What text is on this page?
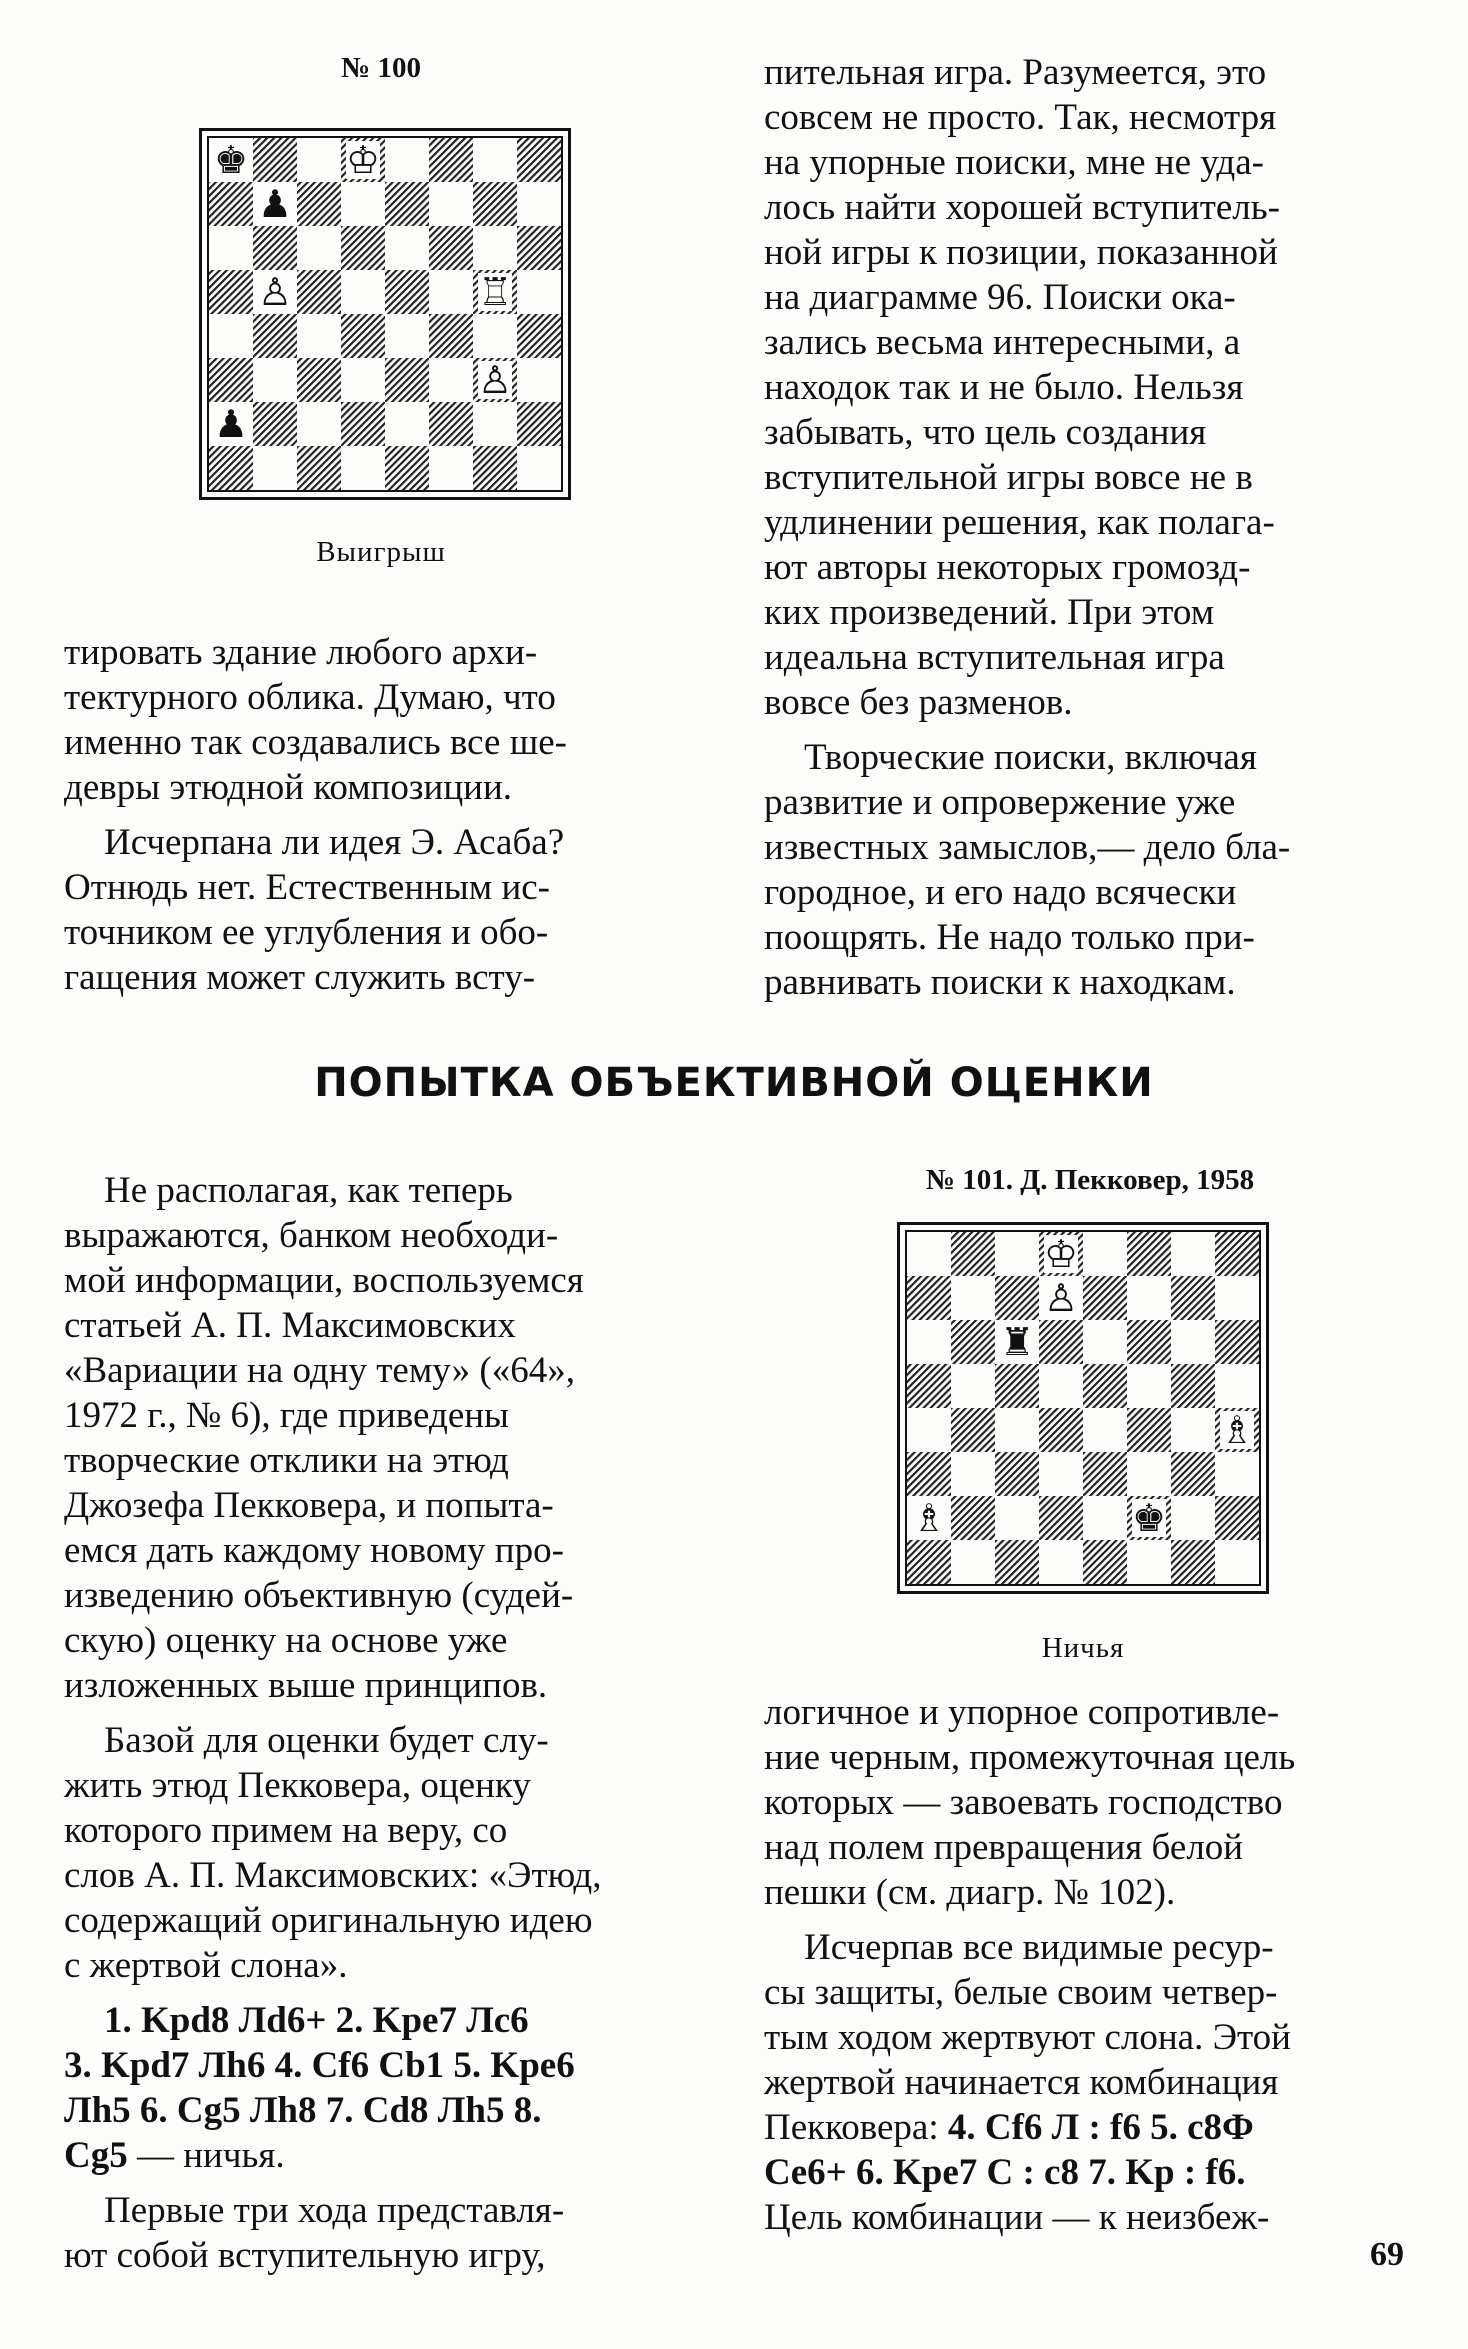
№ 100
♚	♔
♟
♙	♖
♙
♟
Выигрыш

тировать здание любого архи-
тектурного облика. Думаю, что
именно так создавались все ше-
девры этюдной композиции.

Исчерпана ли идея Э. Асаба?
Отнюдь нет. Естественным ис-
точником ее углубления и обо-
гащения может служить всту-

пительная игра. Разумеется, это
совсем не просто. Так, несмотря
на упорные поиски, мне не уда-
лось найти хорошей вступитель-
ной игры к позиции, показанной
на диаграмме 96. Поиски ока-
зались весьма интересными, а
находок так и не было. Нельзя
забывать, что цель создания
вступительной игры вовсе не в
удлинении решения, как полага-
ют авторы некоторых громозд-
ких произведений. При этом
идеальна вступительная игра
вовсе без разменов.

Творческие поиски, включая
развитие и опровержение уже
известных замыслов,— дело бла-
городное, и его надо всячески
поощрять. Не надо только при-
равнивать поиски к находкам.

ПОПЫТКА ОБЪЕКТИВНОЙ ОЦЕНКИ

Не располагая, как теперь
выражаются, банком необходи-
мой информации, воспользуемся
статьей А. П. Максимовских
«Вариации на одну тему» («64»,
1972 г., № 6), где приведены
творческие отклики на этюд
Джозефа Пекковера, и попыта-
емся дать каждому новому про-
изведению объективную (судей-
скую) оценку на основе уже
изложенных выше принципов.

Базой для оценки будет слу-
жить этюд Пекковера, оценку
которого примем на веру, со
слов А. П. Максимовских: «Этюд,
содержащий оригинальную идею
с жертвой слона».

1. Kpd8 Лd6+ 2. Kpe7 Лc6
3. Kpd7 Лh6 4. Cf6 Cb1 5. Kpe6
Лh5 6. Cg5 Лh8 7. Cd8 Лh5 8.
Cg5 — ничья.

Первые три хода представля-
ют собой вступительную игру,

№ 101. Д. Пекковер, 1958
♔
♙
♜
♗
♗	♚
Ничья

логичное и упорное сопротивле-
ние черным, промежуточная цель
которых — завоевать господство
над полем превращения белой
пешки (см. диагр. № 102).

Исчерпав все видимые ресур-
сы защиты, белые своим четвер-
тым ходом жертвуют слона. Этой
жертвой начинается комбинация
Пекковера: 4. Cf6 Л : f6 5. c8Ф
Ce6+ 6. Kpe7 C : c8 7. Kp : f6.
Цель комбинации — к неизбеж-

69
